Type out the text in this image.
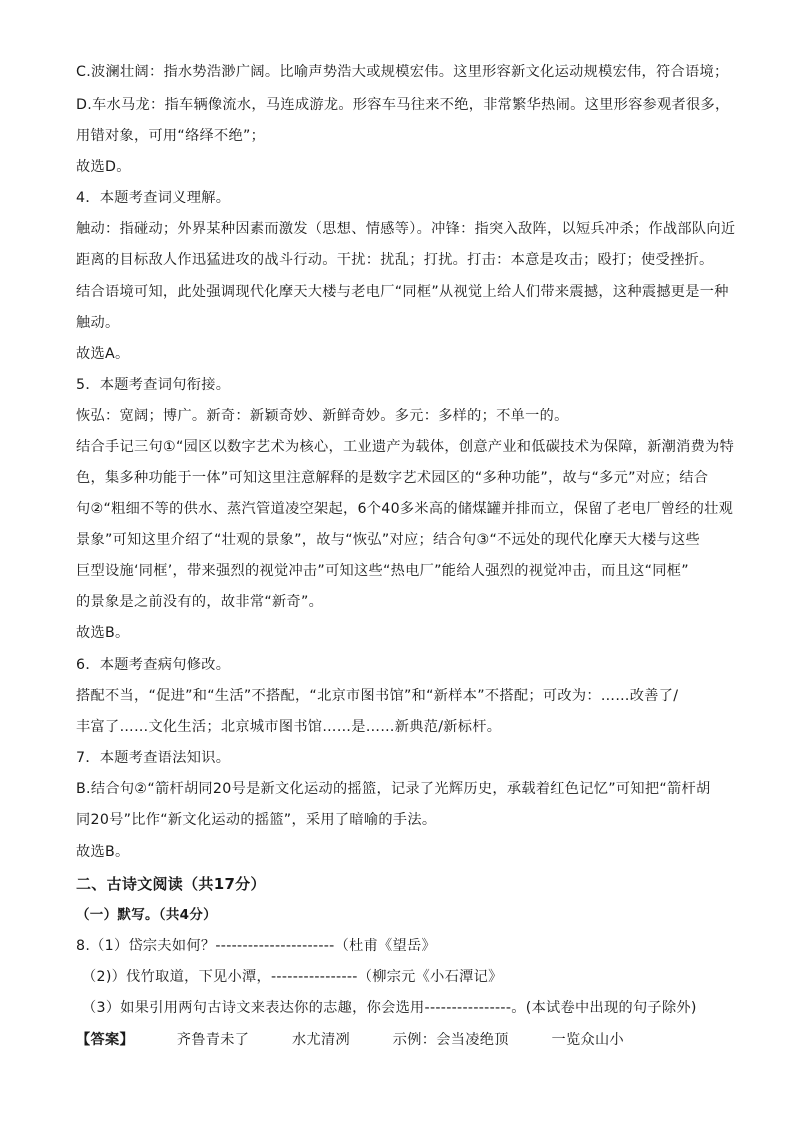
C.波澜壮阔：指水势浩渺广阔。比喻声势浩大或规模宏伟。这里形容新文化运动规模宏伟，符合语境；
D.车水马龙：指车辆像流水，马连成游龙。形容车马往来不绝，非常繁华热闹。这里形容参观者很多，
用错对象，可用“络绎不绝”；
故选D。
4．本题考查词义理解。
触动：指碰动；外界某种因素而激发（思想、情感等）。冲锋：指突入敌阵，以短兵冲杀；作战部队向近
距离的目标敌人作迅猛进攻的战斗行动。干扰：扰乱；打扰。打击：本意是攻击；殴打；使受挫折。
结合语境可知，此处强调现代化摩天大楼与老电厂“同框”从视觉上给人们带来震撼，这种震撼更是一种
触动。
故选A。
5．本题考查词句衔接。
恢弘：宽阔；博广。新奇：新颖奇妙、新鲜奇妙。多元：多样的；不单一的。
结合手记三句①“园区以数字艺术为核心，工业遗产为载体，创意产业和低碳技术为保障，新潮消费为特
色，集多种功能于一体”可知这里注意解释的是数字艺术园区的“多种功能”，故与“多元”对应；结合
句②“粗细不等的供水、蒸汽管道凌空架起，6个40多米高的储煤罐并排而立，保留了老电厂曾经的壮观
景象”可知这里介绍了“壮观的景象”，故与“恢弘”对应；结合句③“不远处的现代化摩天大楼与这些
巨型设施‘同框’，带来强烈的视觉冲击”可知这些“热电厂”能给人强烈的视觉冲击，而且这“同框”
的景象是之前没有的，故非常“新奇”。
故选B。
6．本题考查病句修改。
搭配不当，“促进”和“生活”不搭配，“北京市图书馆”和“新样本”不搭配；可改为：……改善了/
丰富了……文化生活；北京城市图书馆……是……新典范/新标杆。
7．本题考查语法知识。
B.结合句②“箭杆胡同20号是新文化运动的摇篮，记录了光辉历史，承载着红色记忆”可知把“箭杆胡
同20号”比作“新文化运动的摇篮”，采用了暗喻的手法。
故选B。
二、古诗文阅读（共17分）
（一）默写。（共4分）
8.（1）岱宗夫如何？----------------------（杜甫《望岳》
（2)）伐竹取道，下见小潭，----------------（柳宗元《小石潭记》
（3）如果引用两句古诗文来表达你的志趣，你会选用----------------。(本试卷中出现的句子除外)
【答案】	齐鲁青未了	水尤清冽	示例：会当凌绝顶	一览众山小
